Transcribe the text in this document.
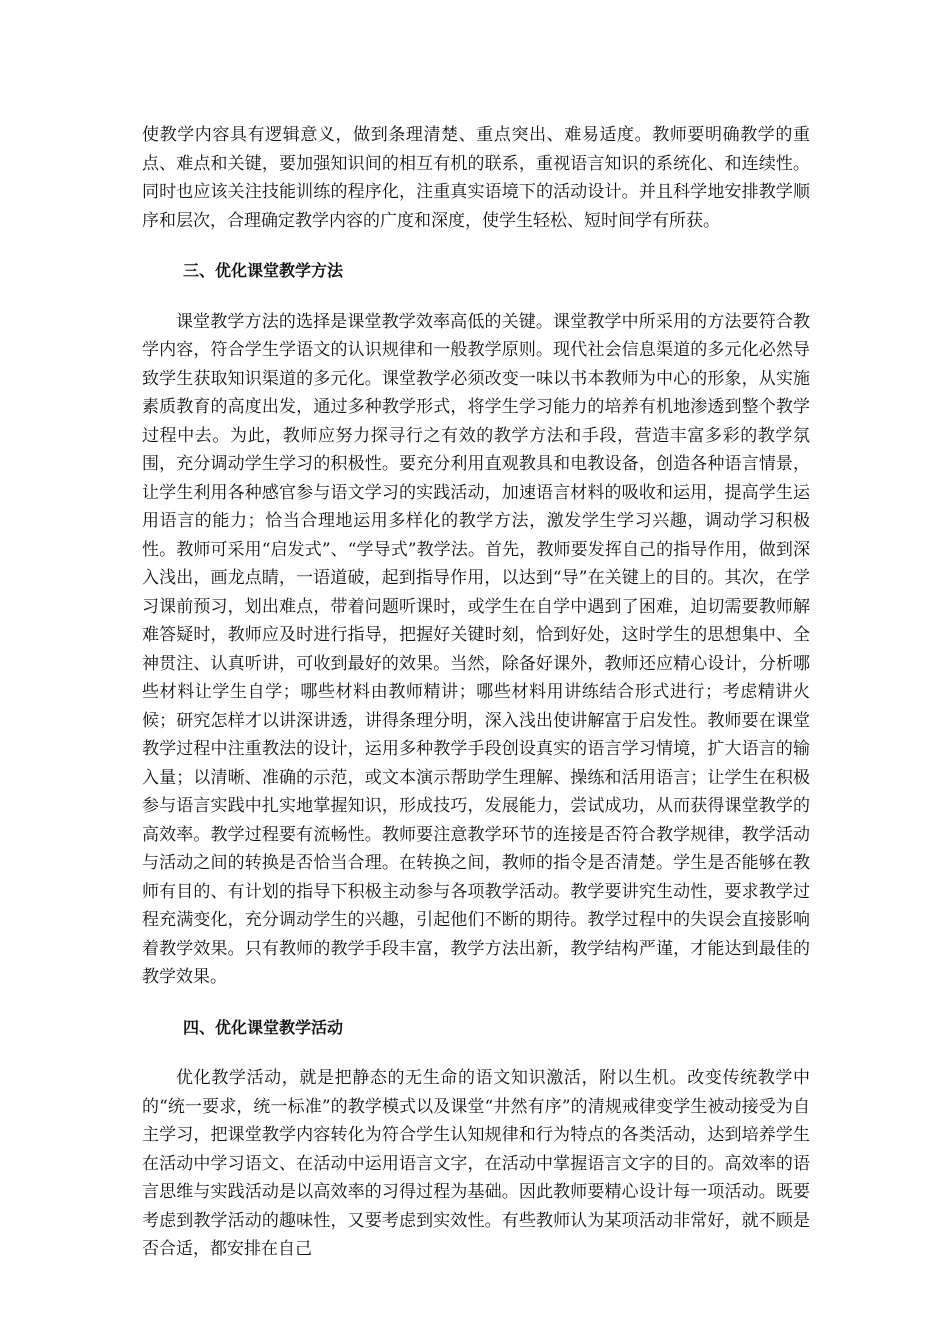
使教学内容具有逻辑意义，做到条理清楚、重点突出、难易适度。教师要明确教学的重点、难点和关键，要加强知识间的相互有机的联系，重视语言知识的系统化、和连续性。同时也应该关注技能训练的程序化，注重真实语境下的活动设计。并且科学地安排教学顺序和层次，合理确定教学内容的广度和深度，使学生轻松、短时间学有所获。

三、优化课堂教学方法

课堂教学方法的选择是课堂教学效率高低的关键。课堂教学中所采用的方法要符合教学内容，符合学生学语文的认识规律和一般教学原则。现代社会信息渠道的多元化必然导致学生获取知识渠道的多元化。课堂教学必须改变一味以书本教师为中心的形象，从实施素质教育的高度出发，通过多种教学形式，将学生学习能力的培养有机地渗透到整个教学过程中去。为此，教师应努力探寻行之有效的教学方法和手段，营造丰富多彩的教学氛围，充分调动学生学习的积极性。要充分利用直观教具和电教设备，创造各种语言情景，让学生利用各种感官参与语文学习的实践活动，加速语言材料的吸收和运用，提高学生运用语言的能力；恰当合理地运用多样化的教学方法，激发学生学习兴趣，调动学习积极性。教师可采用“启发式”、“学导式”教学法。首先，教师要发挥自己的指导作用，做到深入浅出，画龙点睛，一语道破，起到指导作用，以达到“导”在关键上的目的。其次，在学习课前预习，划出难点，带着问题听课时，或学生在自学中遇到了困难，迫切需要教师解难答疑时，教师应及时进行指导，把握好关键时刻，恰到好处，这时学生的思想集中、全神贯注、认真听讲，可收到最好的效果。当然，除备好课外，教师还应精心设计，分析哪些材料让学生自学；哪些材料由教师精讲；哪些材料用讲练结合形式进行；考虑精讲火候；研究怎样才以讲深讲透，讲得条理分明，深入浅出使讲解富于启发性。教师要在课堂教学过程中注重教法的设计，运用多种教学手段创设真实的语言学习情境，扩大语言的输入量；以清晰、准确的示范，或文本演示帮助学生理解、操练和活用语言；让学生在积极参与语言实践中扎实地掌握知识，形成技巧，发展能力，尝试成功，从而获得课堂教学的高效率。教学过程要有流畅性。教师要注意教学环节的连接是否符合教学规律，教学活动与活动之间的转换是否恰当合理。在转换之间，教师的指令是否清楚。学生是否能够在教师有目的、有计划的指导下积极主动参与各项教学活动。教学要讲究生动性，要求教学过程充满变化，充分调动学生的兴趣，引起他们不断的期待。教学过程中的失误会直接影响着教学效果。只有教师的教学手段丰富，教学方法出新，教学结构严谨，才能达到最佳的教学效果。

四、优化课堂教学活动

优化教学活动，就是把静态的无生命的语文知识激活，附以生机。改变传统教学中的“统一要求，统一标准”的教学模式以及课堂“井然有序”的清规戒律变学生被动接受为自主学习，把课堂教学内容转化为符合学生认知规律和行为特点的各类活动，达到培养学生在活动中学习语文、在活动中运用语言文字，在活动中掌握语言文字的目的。高效率的语言思维与实践活动是以高效率的习得过程为基础。因此教师要精心设计每一项活动。既要考虑到教学活动的趣味性，又要考虑到实效性。有些教师认为某项活动非常好，就不顾是否合适，都安排在自己
